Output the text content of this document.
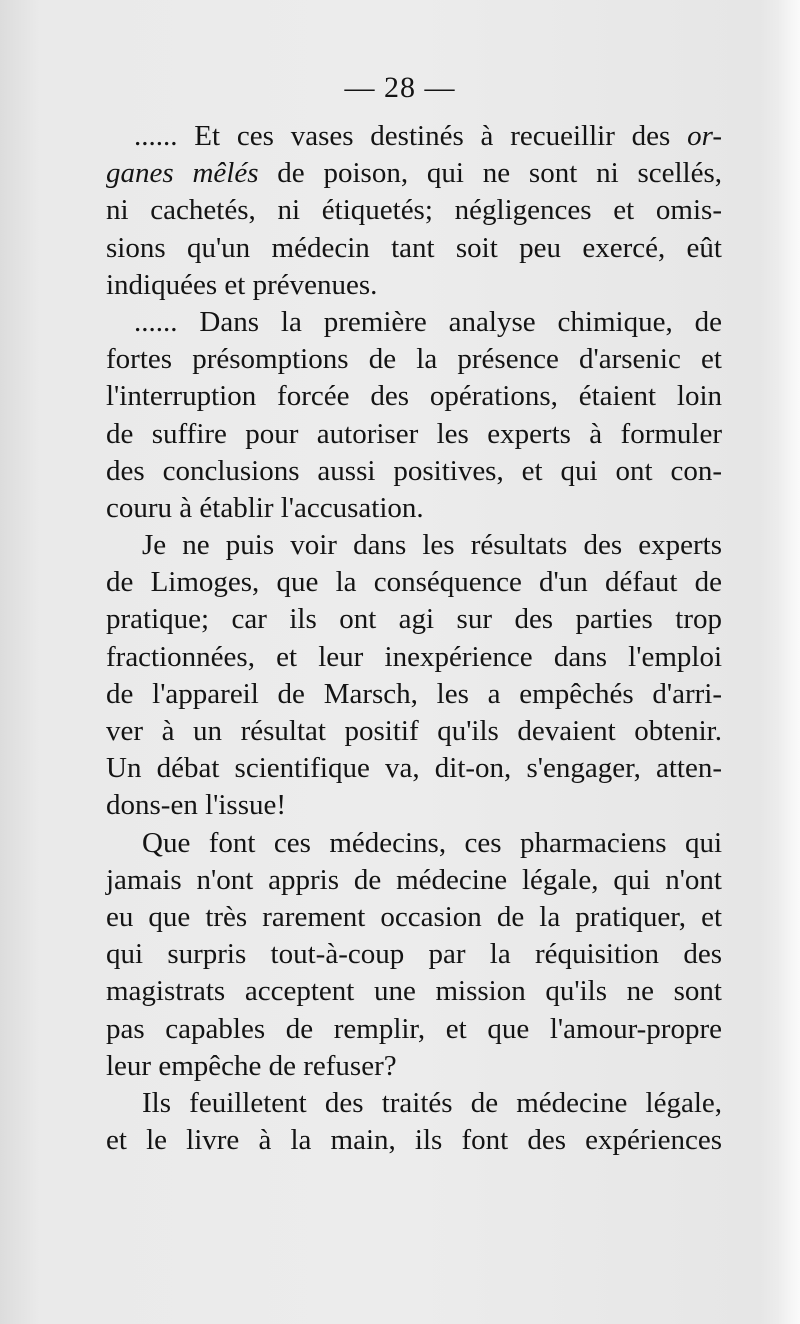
— 28 —
...... Et ces vases destinés à recueillir des or-
ganes mêlés de poison, qui ne sont ni scellés,
ni cachetés, ni étiquetés; négligences et omis-
sions qu'un médecin tant soit peu exercé, eût
indiquées et prévenues.
...... Dans la première analyse chimique, de
fortes présomptions de la présence d'arsenic et
l'interruption forcée des opérations, étaient loin
de suffire pour autoriser les experts à formuler
des conclusions aussi positives, et qui ont con-
couru à établir l'accusation.
Je ne puis voir dans les résultats des experts
de Limoges, que la conséquence d'un défaut de
pratique; car ils ont agi sur des parties trop
fractionnées, et leur inexpérience dans l'emploi
de l'appareil de Marsch, les a empêchés d'arri-
ver à un résultat positif qu'ils devaient obtenir.
Un débat scientifique va, dit-on, s'engager, atten-
dons-en l'issue!
Que font ces médecins, ces pharmaciens qui
jamais n'ont appris de médecine légale, qui n'ont
eu que très rarement occasion de la pratiquer, et
qui surpris tout-à-coup par la réquisition des
magistrats acceptent une mission qu'ils ne sont
pas capables de remplir, et que l'amour-propre
leur empêche de refuser?
Ils feuilletent des traités de médecine légale,
et le livre à la main, ils font des expériences
